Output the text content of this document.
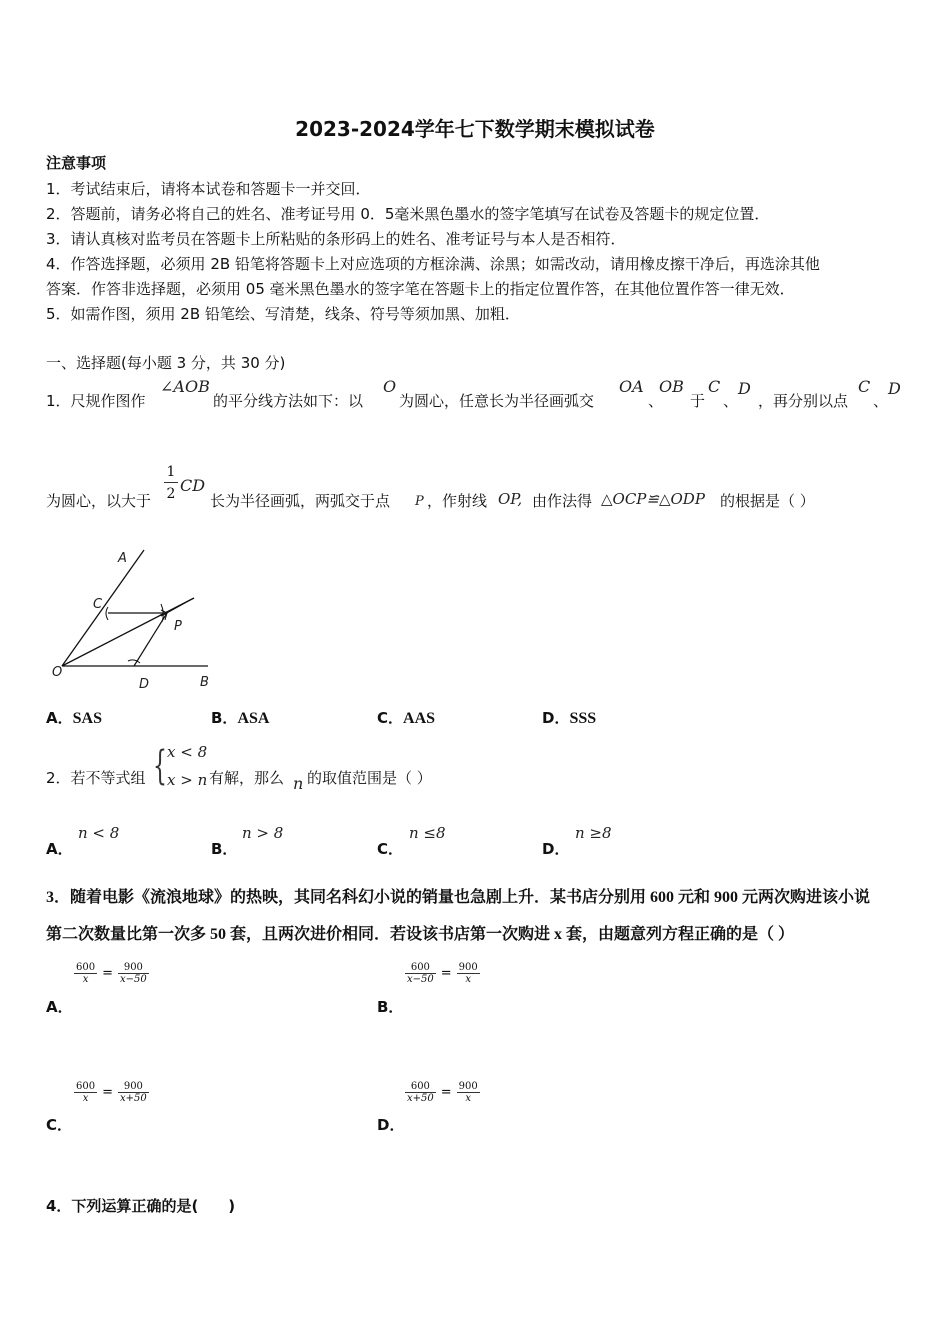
2023-2024学年七下数学期末模拟试卷
注意事项
1．考试结束后，请将本试卷和答题卡一并交回．
2．答题前，请务必将自己的姓名、准考证号用 0．5毫米黑色墨水的签字笔填写在试卷及答题卡的规定位置．
3．请认真核对监考员在答题卡上所粘贴的条形码上的姓名、准考证号与本人是否相符．
4．作答选择题，必须用 2B 铅笔将答题卡上对应选项的方框涂满、涂黑；如需改动，请用橡皮擦干净后，再选涂其他
答案．作答非选择题，必须用 05 毫米黑色墨水的签字笔在答题卡上的指定位置作答，在其他位置作答一律无效．
5．如需作图，须用 2B 铅笔绘、写清楚，线条、符号等须加黑、加粗．
一、选择题(每小题 3 分，共 30 分)
1．尺规作图作
∠AOB
的平分线方法如下：以
O
为圆心，任意长为半径画弧交
OA
、
OB
于
C
、
D
，再分别以点
C
、
D
为圆心，以大于
1
2 CD
长为半径画弧，两弧交于点 P ，作射线 OP, 由作法得 △OCP≌△ODP 的根据是（ ）
A
C
P
O
D	B
A．SAS	B．ASA	C．AAS	D．SSS
2．若不等式组 { x < 8
x > n 有解，那么 n 的取值范围是（ ）
A．
n < 8
B．
n > 8
C．
n ≤8
D．
n ≥8
3．随着电影《流浪地球》的热映，其同名科幻小说的销量也急剧上升．某书店分别用 600 元和 900 元两次购进该小说
第二次数量比第一次多 50 套，且两次进价相同．若设该书店第一次购进 x 套，由题意列方程正确的是（ ）
$\frac{600}{x} = \frac{900}{x-50}$
A．
$\frac{600}{x-50} = \frac{900}{x}$
B．
$\frac{600}{x} = \frac{900}{x+50}$
C．
$\frac{600}{x+50} = \frac{900}{x}$
D．
4．下列运算正确的是(　　)
